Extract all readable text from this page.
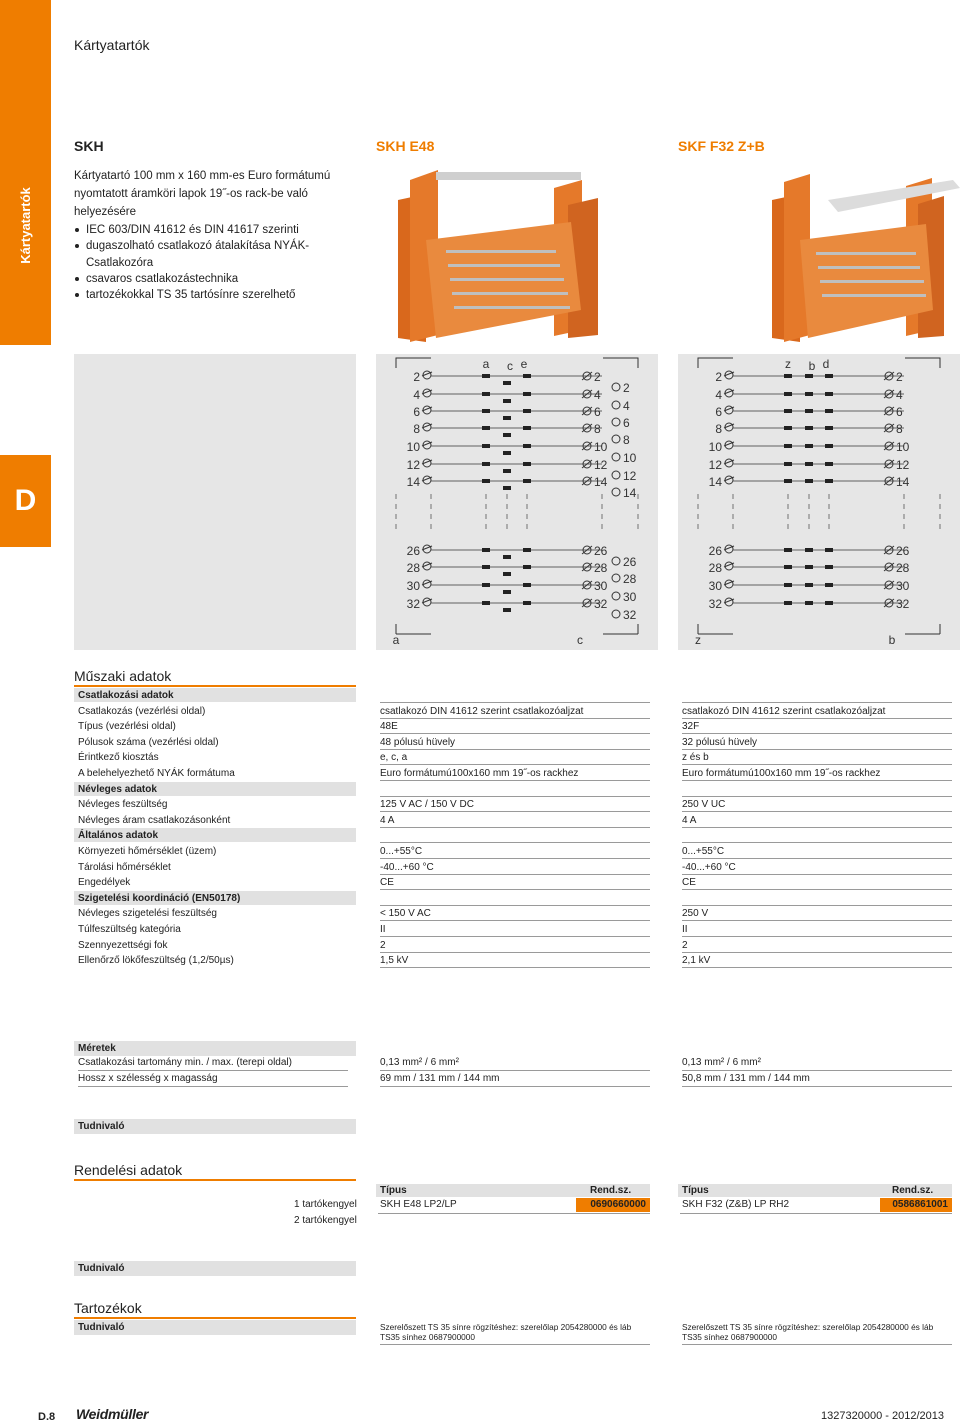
Kártyatartók
D
Kártyatartók
SKH	SKH E48	SKF F32 Z+B
Kártyatartó 100 mm x 160 mm-es Euro formátumú
nyomtatott áramköri lapok 19˝-os rack-be való helyezésére
IEC 603/DIN 41612 és DIN 41617 szerinti
dugaszolható csatlakozó átalakítása NYÁK-Csatlakozóra
csavaros csatlakozástechnika
tartozékokkal TS 35 tartósínre szerelhető
a c e
2	2
2
4	4
4
6	6
6
8	8
8
10	10
10
12	12
12
14	14
14
26	26
26
28	28
28
30	30
30
32	32
32
a	c
z b d
2	2
4	4
6	6
8	8
10	10
12	12
14	14
26	26
28	28
30	30
32	32
z	b
Műszaki adatok
Csatlakozási adatok
Csatlakozás (vezérlési oldal)	csatlakozó DIN 41612 szerint csatlakozóaljzat	csatlakozó DIN 41612 szerint csatlakozóaljzat
Típus (vezérlési oldal)	48E	32F
Pólusok száma (vezérlési oldal)	48 pólusú hüvely	32 pólusú hüvely
Érintkező kiosztás	e, c, a	z és b
A belehelyezhető NYÁK formátuma	Euro formátumú100x160 mm 19˝-os rackhez	Euro formátumú100x160 mm 19˝-os rackhez
Névleges adatok
Névleges feszültség	125 V AC / 150 V DC	250 V UC
Névleges áram csatlakozásonként	4 A	4 A
Általános adatok
Környezeti hőmérséklet (üzem)	0...+55°C	0...+55°C
Tárolási hőmérséklet	-40...+60 °C	-40...+60 °C
Engedélyek	CE	CE
Szigetelési koordináció (EN50178)
Névleges szigetelési feszültség	< 150 V AC	250 V
Túlfeszültség kategória	II	II
Szennyezettségi fok	2	2
Ellenőrző lökőfeszültség (1,2/50µs)	1,5 kV	2,1 kV
Méretek
Csatlakozási tartomány min. / max. (terepi oldal)	0,13 mm² / 6 mm²	0,13 mm² / 6 mm²
Hossz x szélesség x magasság	69 mm / 131 mm / 144 mm	50,8 mm / 131 mm / 144 mm
Tudnivaló
Rendelési adatok
1 tartókengyel
2 tartókengyel
Típus	Rend.sz.
SKH E48 LP2/LP	0690660000
Típus	Rend.sz.
SKH F32 (Z&B) LP RH2	0586861001
Tudnivaló
Tartozékok
Tudnivaló	Szerelőszett TS 35 sínre rögzítéshez: szerelőlap 2054280000 és láb TS35 sínhez 0687900000
Szerelőszett TS 35 sínre rögzítéshez: szerelőlap 2054280000 és láb TS35 sínhez 0687900000
D.8 Weidmüller	1327320000 - 2012/2013
